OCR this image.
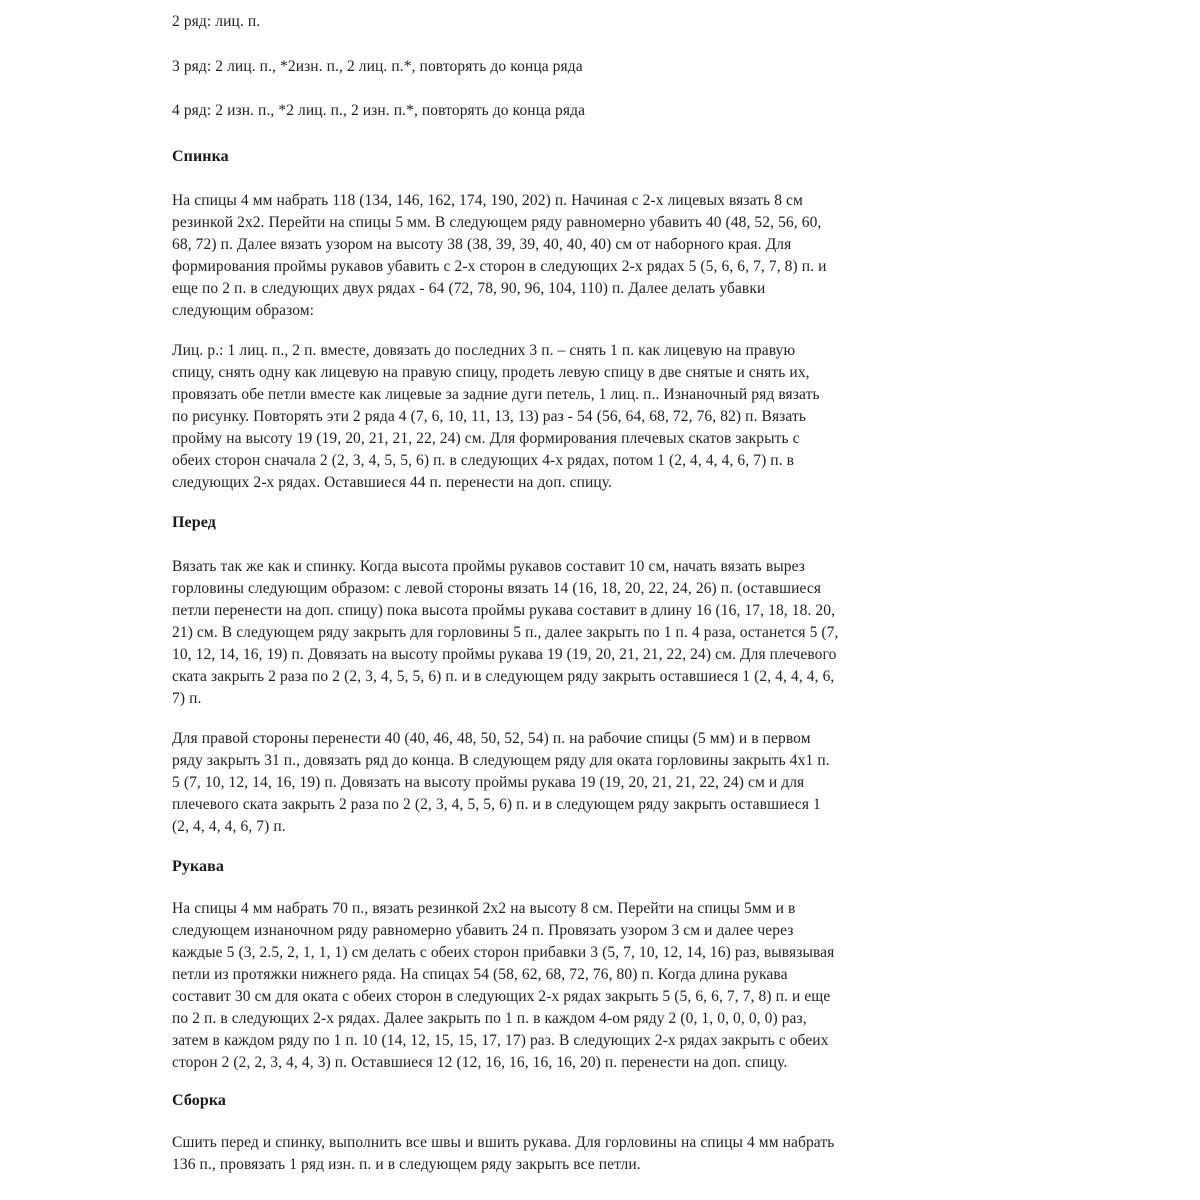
2 ряд: лиц. п.
3 ряд: 2 лиц. п., *2изн. п., 2 лиц. п.*, повторять до конца ряда
4 ряд: 2 изн. п., *2 лиц. п., 2 изн. п.*, повторять до конца ряда
Спинка
На спицы 4 мм набрать 118 (134, 146, 162, 174, 190, 202) п. Начиная с 2-х лицевых вязать 8 см
резинкой 2х2. Перейти на спицы 5 мм. В следующем ряду равномерно убавить 40 (48, 52, 56, 60,
68, 72) п. Далее вязать узором на высоту 38 (38, 39, 39, 40, 40, 40) см от наборного края. Для
формирования проймы рукавов убавить с 2-х сторон в следующих 2-х рядах 5 (5, 6, 6, 7, 7, 8) п. и
еще по 2 п. в следующих двух рядах - 64 (72, 78, 90, 96, 104, 110) п. Далее делать убавки
следующим образом:
Лиц. р.: 1 лиц. п., 2 п. вместе, довязать до последних 3 п. – снять 1 п. как лицевую на правую
спицу, снять одну как лицевую на правую спицу, продеть левую спицу в две снятые и снять их,
провязать обе петли вместе как лицевые за задние дуги петель, 1 лиц. п.. Изнаночный ряд вязать
по рисунку. Повторять эти 2 ряда 4 (7, 6, 10, 11, 13, 13) раз - 54 (56, 64, 68, 72, 76, 82) п. Вязать
пройму на высоту 19 (19, 20, 21, 21, 22, 24) см. Для формирования плечевых скатов закрыть с
обеих сторон сначала 2 (2, 3, 4, 5, 5, 6) п. в следующих 4-х рядах, потом 1 (2, 4, 4, 4, 6, 7) п. в
следующих 2-х рядах. Оставшиеся 44 п. перенести на доп. спицу.
Перед
Вязать так же как и спинку. Когда высота проймы рукавов составит 10 см, начать вязать вырез
горловины следующим образом: с левой стороны вязать 14 (16, 18, 20, 22, 24, 26) п. (оставшиеся
петли перенести на доп. спицу) пока высота проймы рукава составит в длину 16 (16, 17, 18, 18. 20,
21) см. В следующем ряду закрыть для горловины 5 п., далее закрыть по 1 п. 4 раза, останется 5 (7,
10, 12, 14, 16, 19) п. Довязать на высоту проймы рукава 19 (19, 20, 21, 21, 22, 24) см. Для плечевого
ската закрыть 2 раза по 2 (2, 3, 4, 5, 5, 6) п. и в следующем ряду закрыть оставшиеся 1 (2, 4, 4, 4, 6,
7) п.
Для правой стороны перенести 40 (40, 46, 48, 50, 52, 54) п. на рабочие спицы (5 мм) и в первом
ряду закрыть 31 п., довязать ряд до конца. В следующем ряду для оката горловины закрыть 4х1 п.
5 (7, 10, 12, 14, 16, 19) п. Довязать на высоту проймы рукава 19 (19, 20, 21, 21, 22, 24) см и для
плечевого ската закрыть 2 раза по 2 (2, 3, 4, 5, 5, 6) п. и в следующем ряду закрыть оставшиеся 1
(2, 4, 4, 4, 6, 7) п.
Рукава
На спицы 4 мм набрать 70 п., вязать резинкой 2х2 на высоту 8 см. Перейти на спицы 5мм и в
следующем изнаночном ряду равномерно убавить 24 п. Провязать узором 3 см и далее через
каждые 5 (3, 2.5, 2, 1, 1, 1) см делать с обеих сторон прибавки 3 (5, 7, 10, 12, 14, 16) раз, вывязывая
петли из протяжки нижнего ряда. На спицах 54 (58, 62, 68, 72, 76, 80) п. Когда длина рукава
составит 30 см для оката с обеих сторон в следующих 2-х рядах закрыть 5 (5, 6, 6, 7, 7, 8) п. и еще
по 2 п. в следующих 2-х рядах. Далее закрыть по 1 п. в каждом 4-ом ряду 2 (0, 1, 0, 0, 0, 0) раз,
затем в каждом ряду по 1 п. 10 (14, 12, 15, 15, 17, 17) раз. В следующих 2-х рядах закрыть с обеих
сторон 2 (2, 2, 3, 4, 4, 3) п. Оставшиеся 12 (12, 16, 16, 16, 16, 20) п. перенести на доп. спицу.
Сборка
Сшить перед и спинку, выполнить все швы и вшить рукава. Для горловины на спицы 4 мм набрать
136 п., провязать 1 ряд изн. п. и в следующем ряду закрыть все петли.
